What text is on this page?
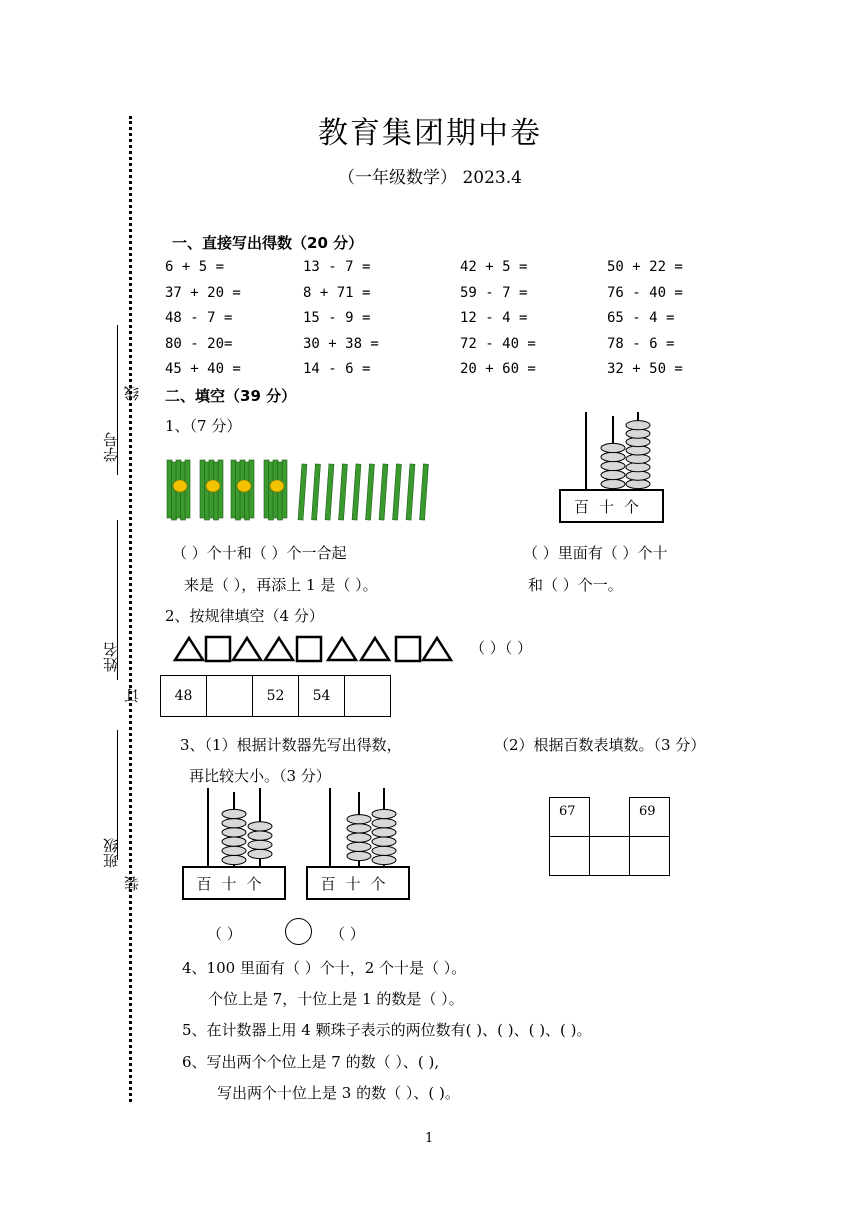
教育集团期中卷
（一年级数学） 2023.4
学号
线
姓名
订
班级
装
一、直接写出得数（20 分）
6 + 5 =	13 - 7 =	42 + 5 =	50 + 22 =
37 + 20 =	8 + 71 =	59 - 7 =	76 - 40 =
48 - 7 =	15 - 9 =	12 - 4 =	65 - 4 =
80 - 20=	30 + 38 =	72 - 40 =	78 - 6 =
45 + 40 =	14 - 6 =	20 + 60 =	32 + 50 =
二、填空（39 分）
1、（7 分）
百十个
（ ）个十和（ ）个一合起
来是（ ），再添上 1 是（ ）。
（ ）里面有（ ）个十
和（ ）个一。
2、按规律填空（4 分）
（ ）（ ）
48	52	54
3、（1）根据计数器先写出得数，
再比较大小。（3 分）
（2）根据百数表填数。（3 分）
百十个	百十个
（ ）	（ ）
67		69

4、100 里面有（ ）个十，2 个十是（ ）。
个位上是 7，十位上是 1 的数是（ ）。
5、在计数器上用 4 颗珠子表示的两位数有( )、( )、( )、( )。
6、写出两个个位上是 7 的数（ ）、( ),
写出两个十位上是 3 的数（ ）、( )。
1
